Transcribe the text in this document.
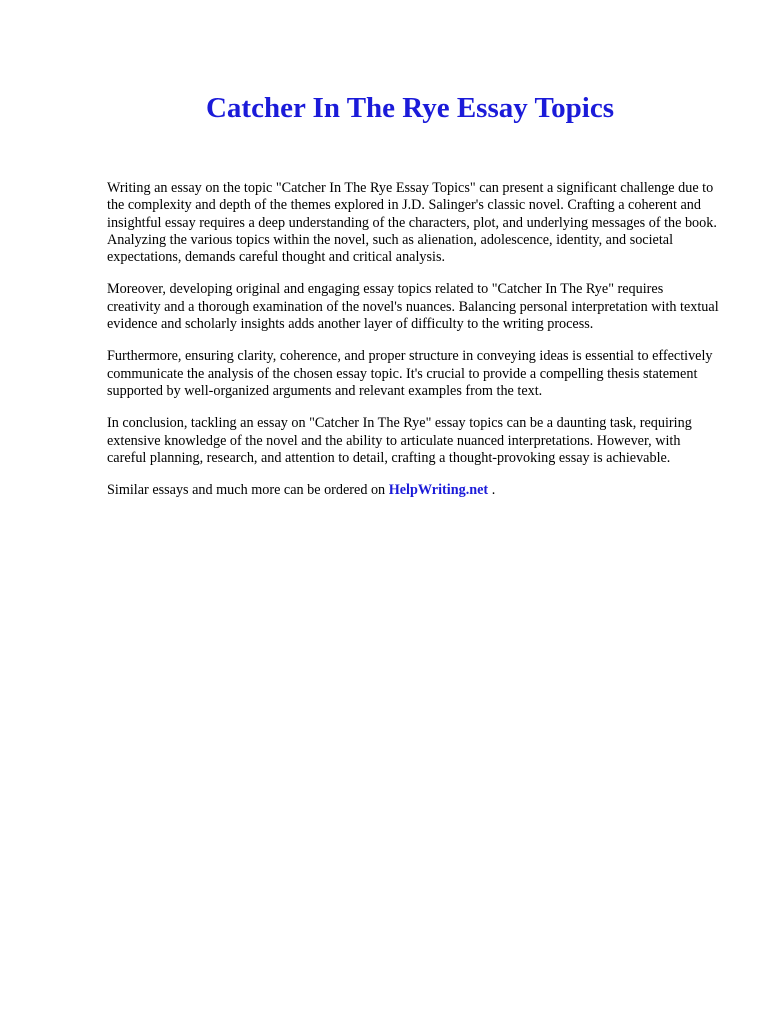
Catcher In The Rye Essay Topics

Writing an essay on the topic "Catcher In The Rye Essay Topics" can present a significant challenge due to the complexity and depth of the themes explored in J.D. Salinger's classic novel. Crafting a coherent and insightful essay requires a deep understanding of the characters, plot, and underlying messages of the book. Analyzing the various topics within the novel, such as alienation, adolescence, identity, and societal expectations, demands careful thought and critical analysis.

Moreover, developing original and engaging essay topics related to "Catcher In The Rye" requires creativity and a thorough examination of the novel's nuances. Balancing personal interpretation with textual evidence and scholarly insights adds another layer of difficulty to the writing process.

Furthermore, ensuring clarity, coherence, and proper structure in conveying ideas is essential to effectively communicate the analysis of the chosen essay topic. It's crucial to provide a compelling thesis statement supported by well-organized arguments and relevant examples from the text.

In conclusion, tackling an essay on "Catcher In The Rye" essay topics can be a daunting task, requiring extensive knowledge of the novel and the ability to articulate nuanced interpretations. However, with careful planning, research, and attention to detail, crafting a thought-provoking essay is achievable.

Similar essays and much more can be ordered on HelpWriting.net .
